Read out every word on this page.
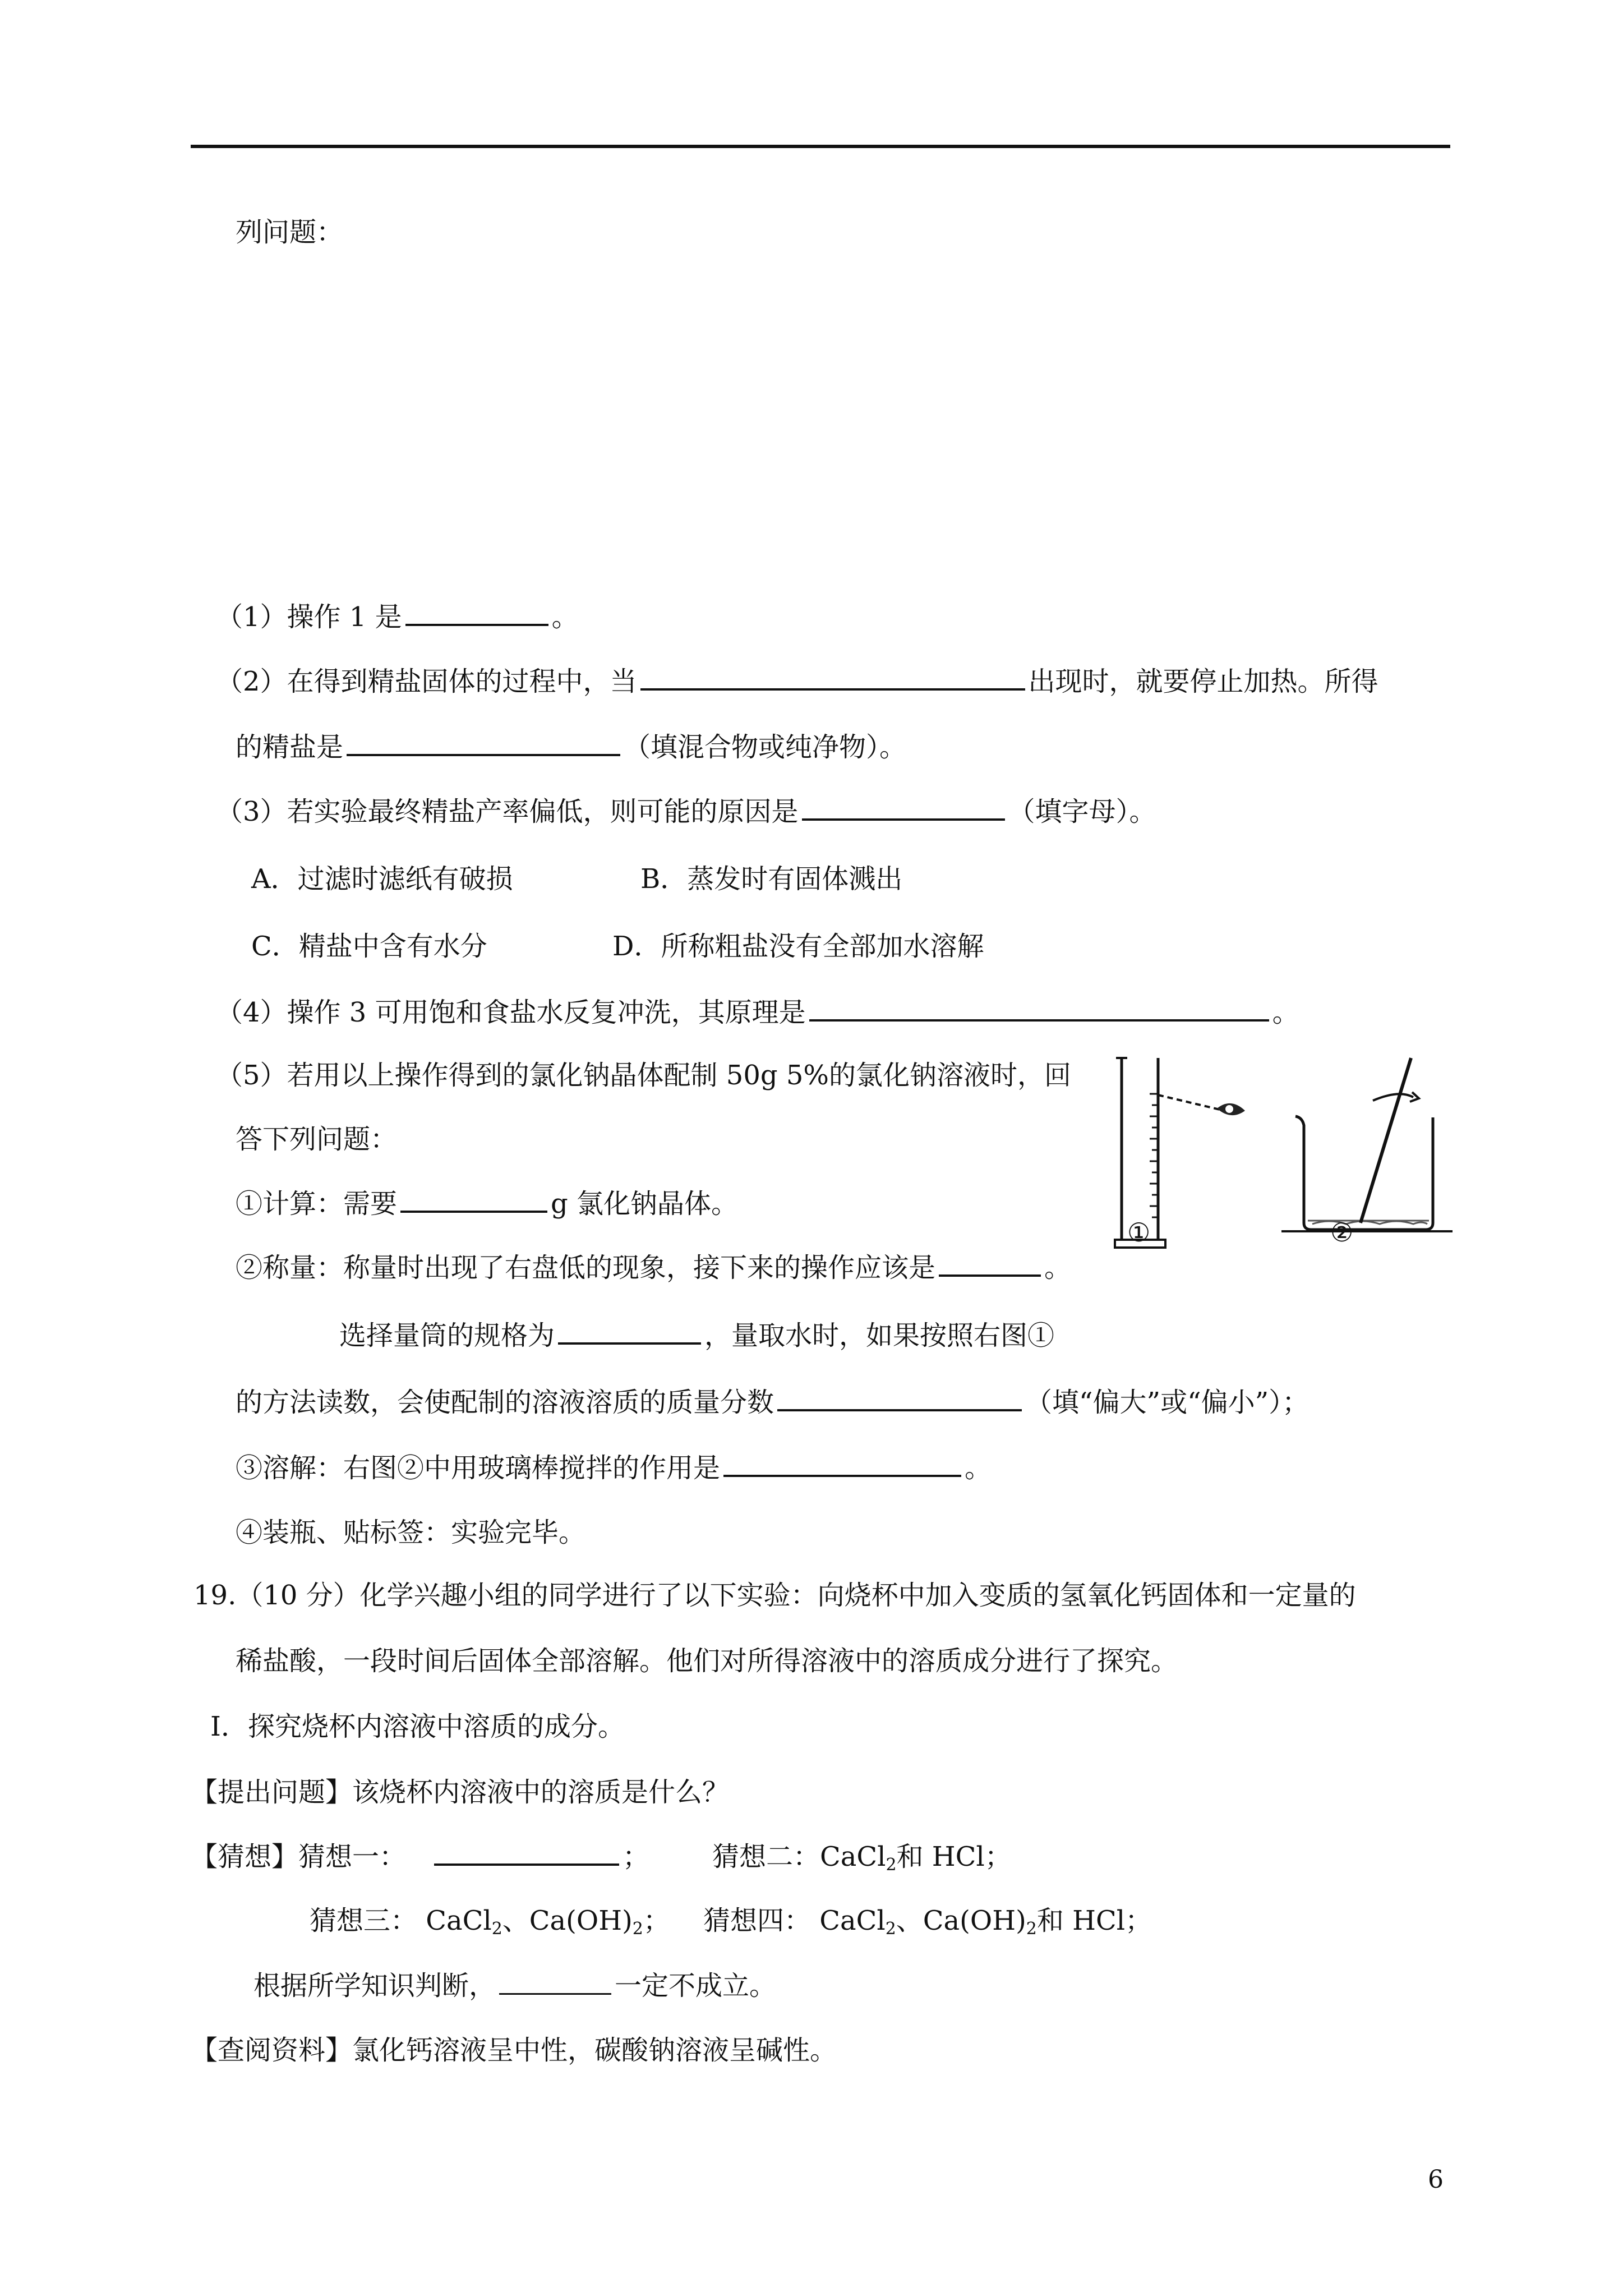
列问题：
（1）操作 1 是	。
（2）在得到精盐固体的过程中，当	出现时，就要停止加热。所得
的精盐是	（填混合物或纯净物）。
（3）若实验最终精盐产率偏低，则可能的原因是	（填字母）。
A．过滤时滤纸有破损	B．蒸发时有固体溅出
C．精盐中含有水分	D．所称粗盐没有全部加水溶解
（4）操作 3 可用饱和食盐水反复冲洗，其原理是	。
（5）若用以上操作得到的氯化钠晶体配制 50g 5%的氯化钠溶液时，回
答下列问题：
①计算：需要	g 氯化钠晶体。
②称量：称量时出现了右盘低的现象，接下来的操作应该是	。
选择量筒的规格为	，量取水时，如果按照右图①
的方法读数，会使配制的溶液溶质的质量分数	（填“偏大”或“偏小”）；
③溶解：右图②中用玻璃棒搅拌的作用是	。
④装瓶、贴标签：实验完毕。
①	②
19.（10 分）化学兴趣小组的同学进行了以下实验：向烧杯中加入变质的氢氧化钙固体和一定量的
稀盐酸，一段时间后固体全部溶解。他们对所得溶液中的溶质成分进行了探究。
Ⅰ．探究烧杯内溶液中溶质的成分。
【提出问题】该烧杯内溶液中的溶质是什么？
【猜想】猜想一：	； 猜想二：CaCl$_2$和 HCl；
猜想三： CaCl$_2$、$Ca(OH)_2$； 猜想四： CaCl$_2$、$Ca(OH)_2$和 HCl；
根据所学知识判断，	一定不成立。
【查阅资料】氯化钙溶液呈中性，碳酸钠溶液呈碱性。
6
